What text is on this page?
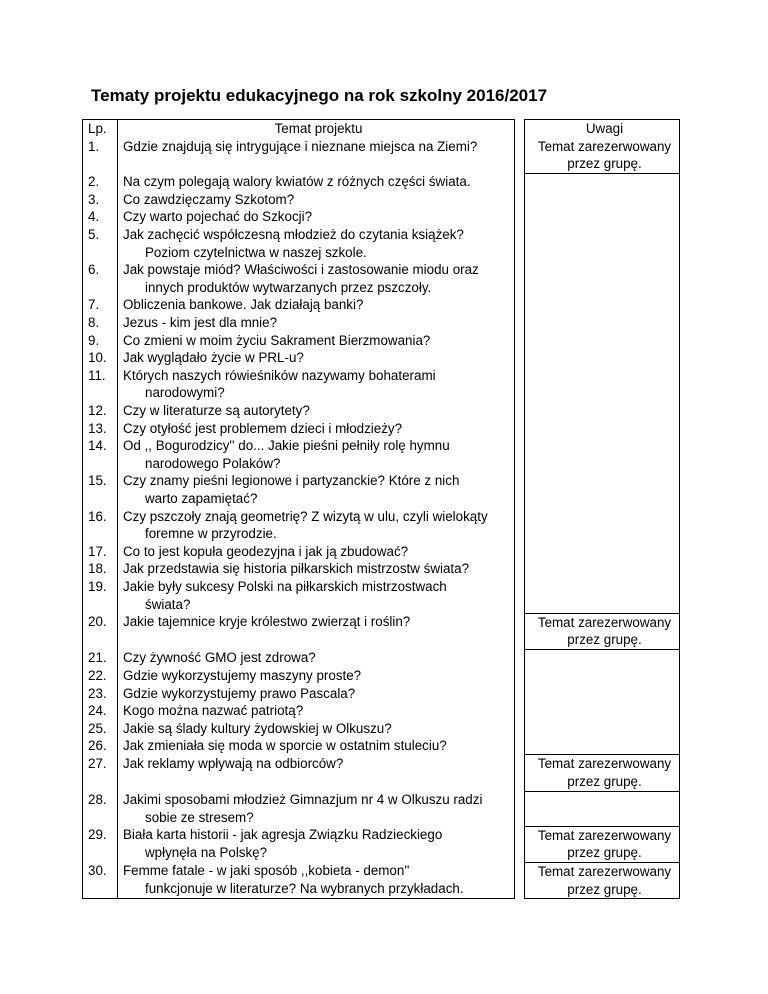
Tematy projektu edukacyjnego na rok szkolny 2016/2017
Lp.	Temat projektu		Uwagi
1.	Gdzie znajdują się intrygujące i nieznane miejsca na Ziemi?		Temat zarezerwowany
przez grupę.

2.	Na czym polegają walory kwiatów z różnych części świata.		

3.	Co zawdzięczamy Szkotom?		

4.	Czy warto pojechać do Szkocji?		

5.	Jak zachęcić współczesną młodzież do czytania książek?
Poziom czytelnictwa w naszej szkole.		

6.	Jak powstaje miód? Właściwości i zastosowanie miodu oraz
innych produktów wytwarzanych przez pszczoły.		

7.	Obliczenia bankowe. Jak działają banki?		

8.	Jezus - kim jest dla mnie?		

9.	Co zmieni w moim życiu Sakrament Bierzmowania?		

10.	Jak wyglądało życie w PRL-u?		

11.	Których naszych rówieśników nazywamy bohaterami
narodowymi?		

12.	Czy w literaturze są autorytety?		

13.	Czy otyłość jest problemem dzieci i młodzieży?		

14.	Od ,, Bogurodzicy'' do... Jakie pieśni pełniły rolę hymnu
narodowego Polaków?		

15.	Czy znamy pieśni legionowe i partyzanckie? Które z nich
warto zapamiętać?		

16.	Czy pszczoły znają geometrię? Z wizytą w ulu, czyli wielokąty
foremne w przyrodzie.		

17.	Co to jest kopuła geodezyjna i jak ją zbudować?		

18.	Jak przedstawia się historia piłkarskich mistrzostw świata?		

19.	Jakie były sukcesy Polski na piłkarskich mistrzostwach
świata?		

20.	Jakie tajemnice kryje królestwo zwierząt i roślin?		Temat zarezerwowany
przez grupę.

21.	Czy żywność GMO jest zdrowa?		

22.	Gdzie wykorzystujemy maszyny proste?		

23.	Gdzie wykorzystujemy prawo Pascala?		

24.	Kogo można nazwać patriotą?		

25.	Jakie są ślady kultury żydowskiej w Olkuszu?		

26.	Jak zmieniała się moda w sporcie w ostatnim stuleciu?		

27.	Jak reklamy wpływają na odbiorców?		Temat zarezerwowany
przez grupę.

28.	Jakimi sposobami młodzież Gimnazjum nr 4 w Olkuszu radzi
sobie ze stresem?		

29.	Biała karta historii - jak agresja Związku Radzieckiego
wpłynęła na Polskę?		Temat zarezerwowany
przez grupę.

30.	Femme fatale - w jaki sposób ,,kobieta - demon''
funkcjonuje w literaturze? Na wybranych przykładach.		Temat zarezerwowany
przez grupę.
